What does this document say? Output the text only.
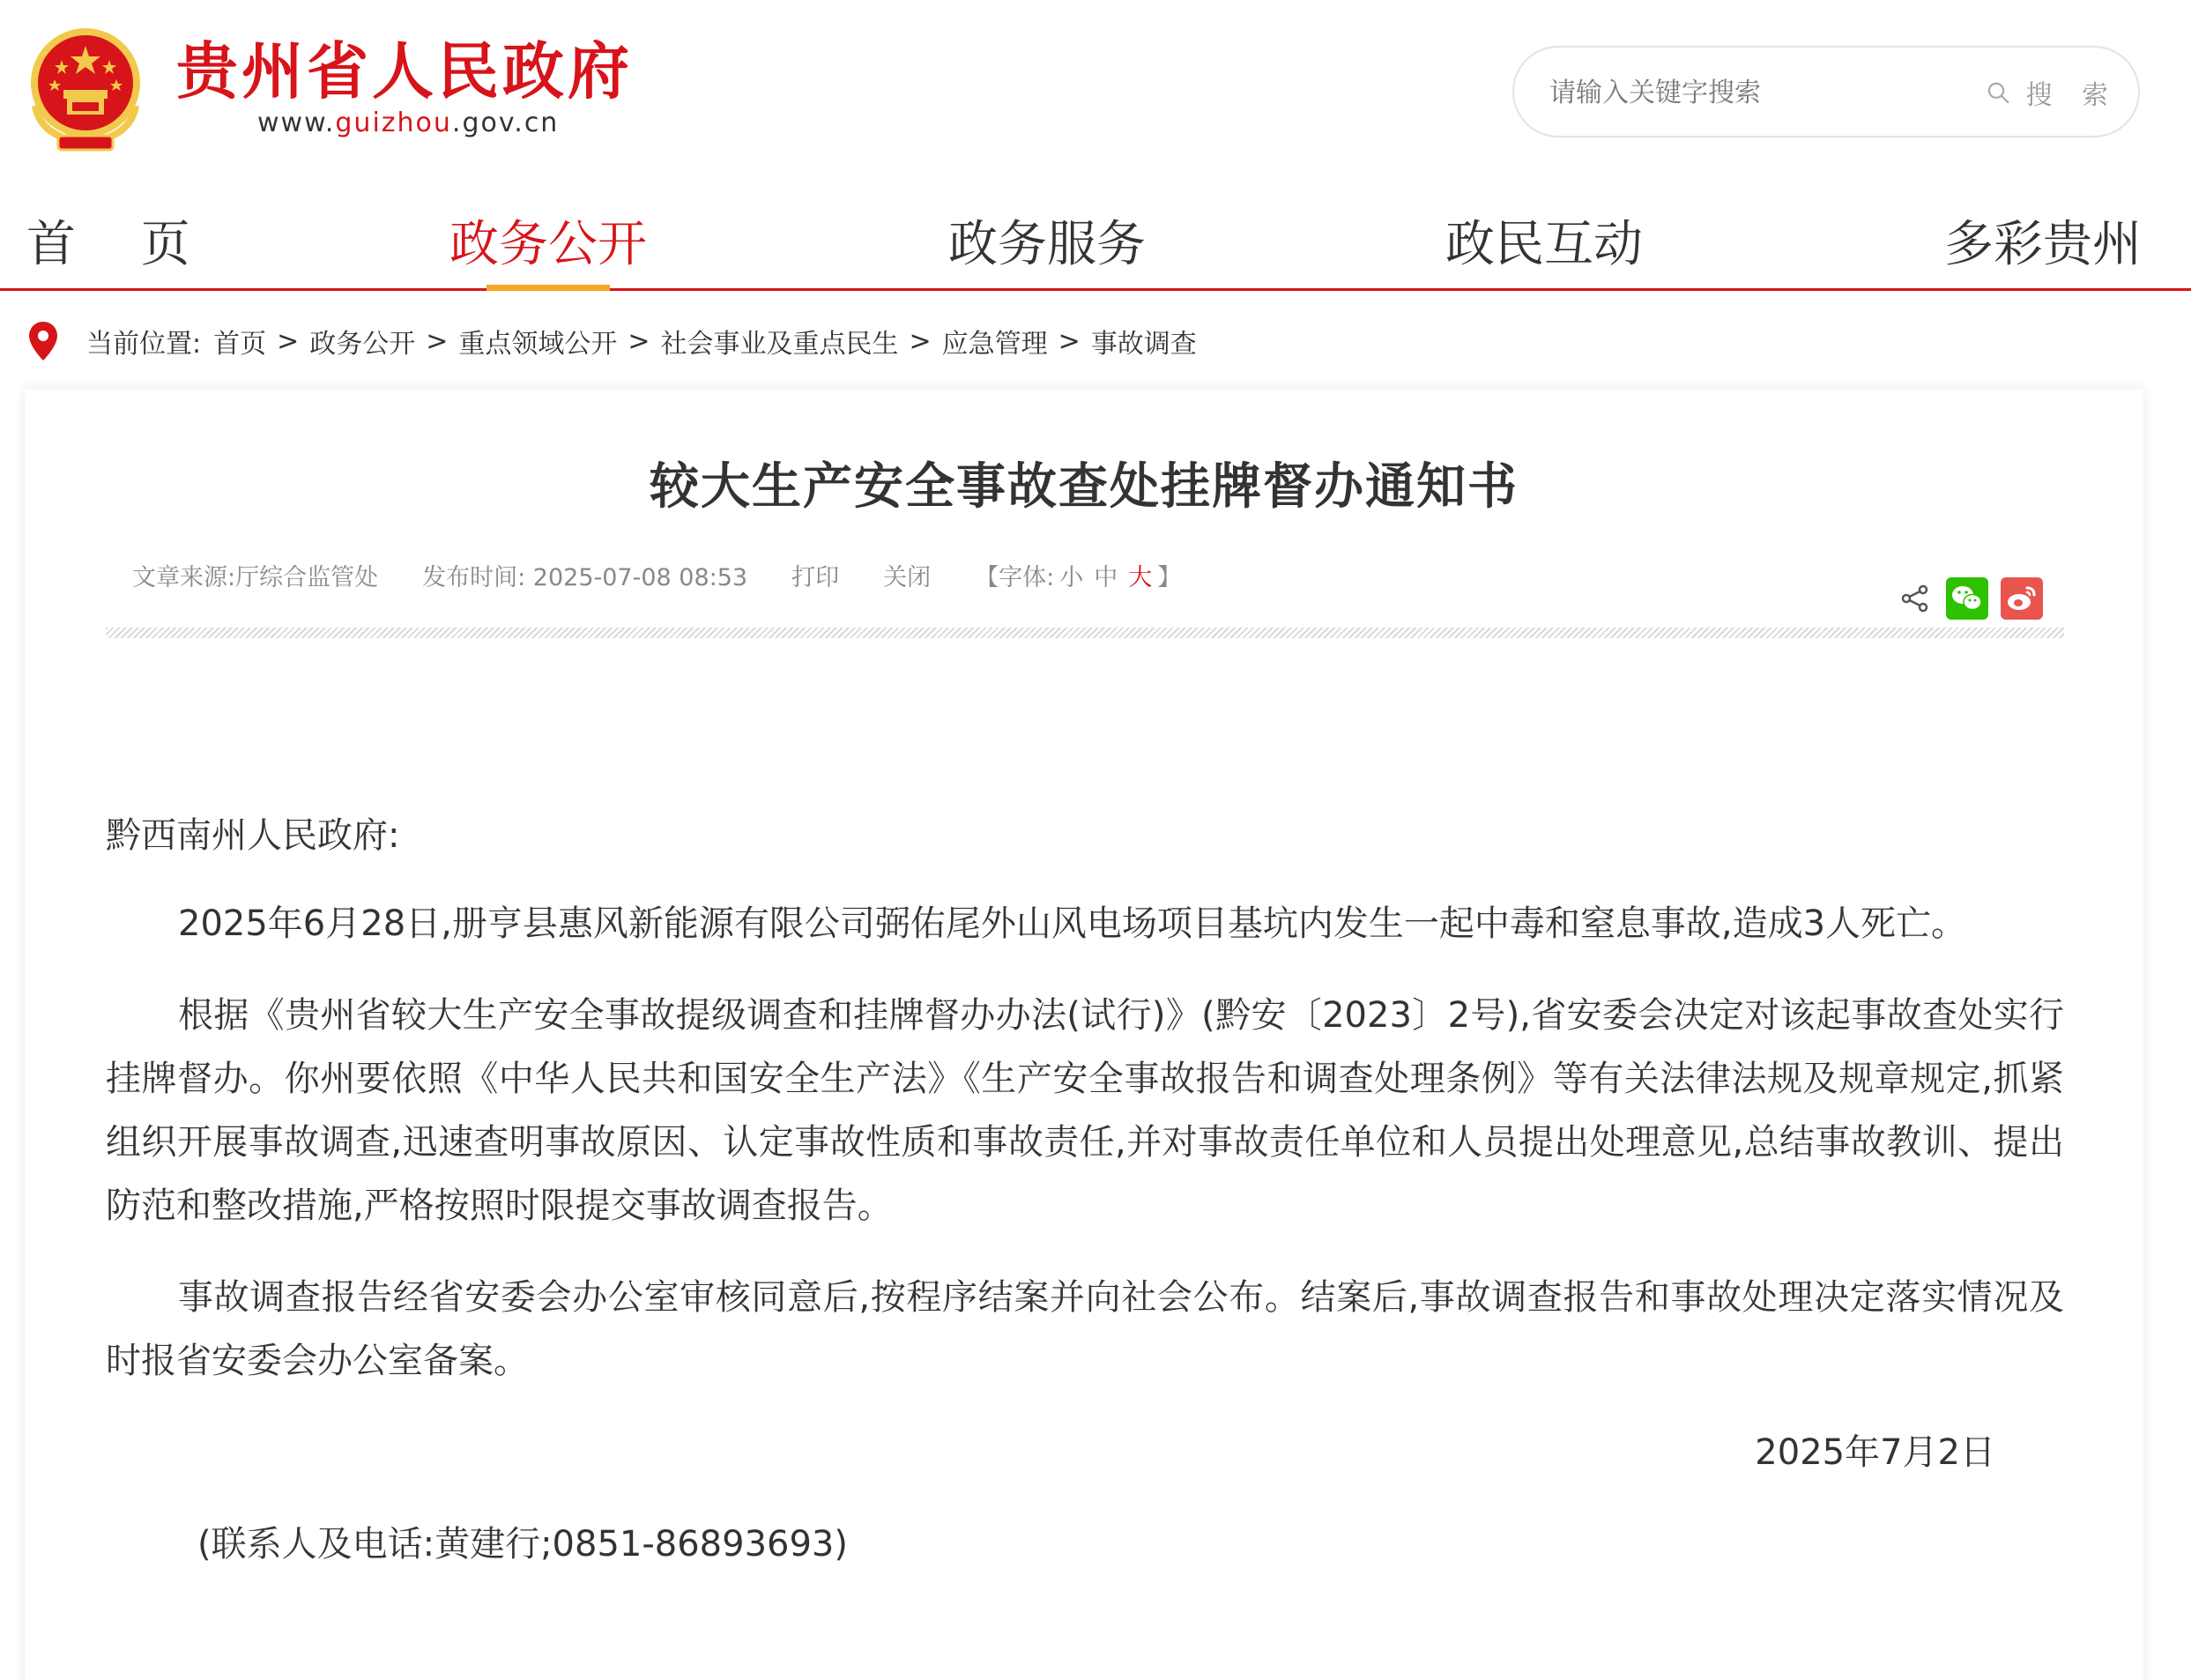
贵州省人民政府
www.guizhou.gov.cn
请输入关键字搜索
搜 索
首 页	政务公开	政务服务	政民互动	多彩贵州
当前位置: 首页 > 政务公开 > 重点领域公开 > 社会事业及重点民生 > 应急管理 > 事故调查
较大生产安全事故查处挂牌督办通知书
文章来源:厅综合监管处 发布时间: 2025-07-08 08:53 打印 关闭 【字体: 小 中 大 】

黔西南州人民政府:

2025年6月28日,册亨县惠风新能源有限公司弼佑尾外山风电场项目基坑内发生一起中毒和窒息事故,造成3人死亡。

根据《贵州省较大生产安全事故提级调查和挂牌督办办法(试行)》(黔安〔2023〕2号),省安委会决定对该起事故查处实行挂牌督办。你州要依照《中华人民共和国安全生产法》《生产安全事故报告和调查处理条例》等有关法律法规及规章规定,抓紧组织开展事故调查,迅速查明事故原因、认定事故性质和事故责任,并对事故责任单位和人员提出处理意见,总结事故教训、提出防范和整改措施,严格按照时限提交事故调查报告。

事故调查报告经省安委会办公室审核同意后,按程序结案并向社会公布。结案后,事故调查报告和事故处理决定落实情况及时报省安委会办公室备案。

2025年7月2日

(联系人及电话:黄建行;0851-86893693)
